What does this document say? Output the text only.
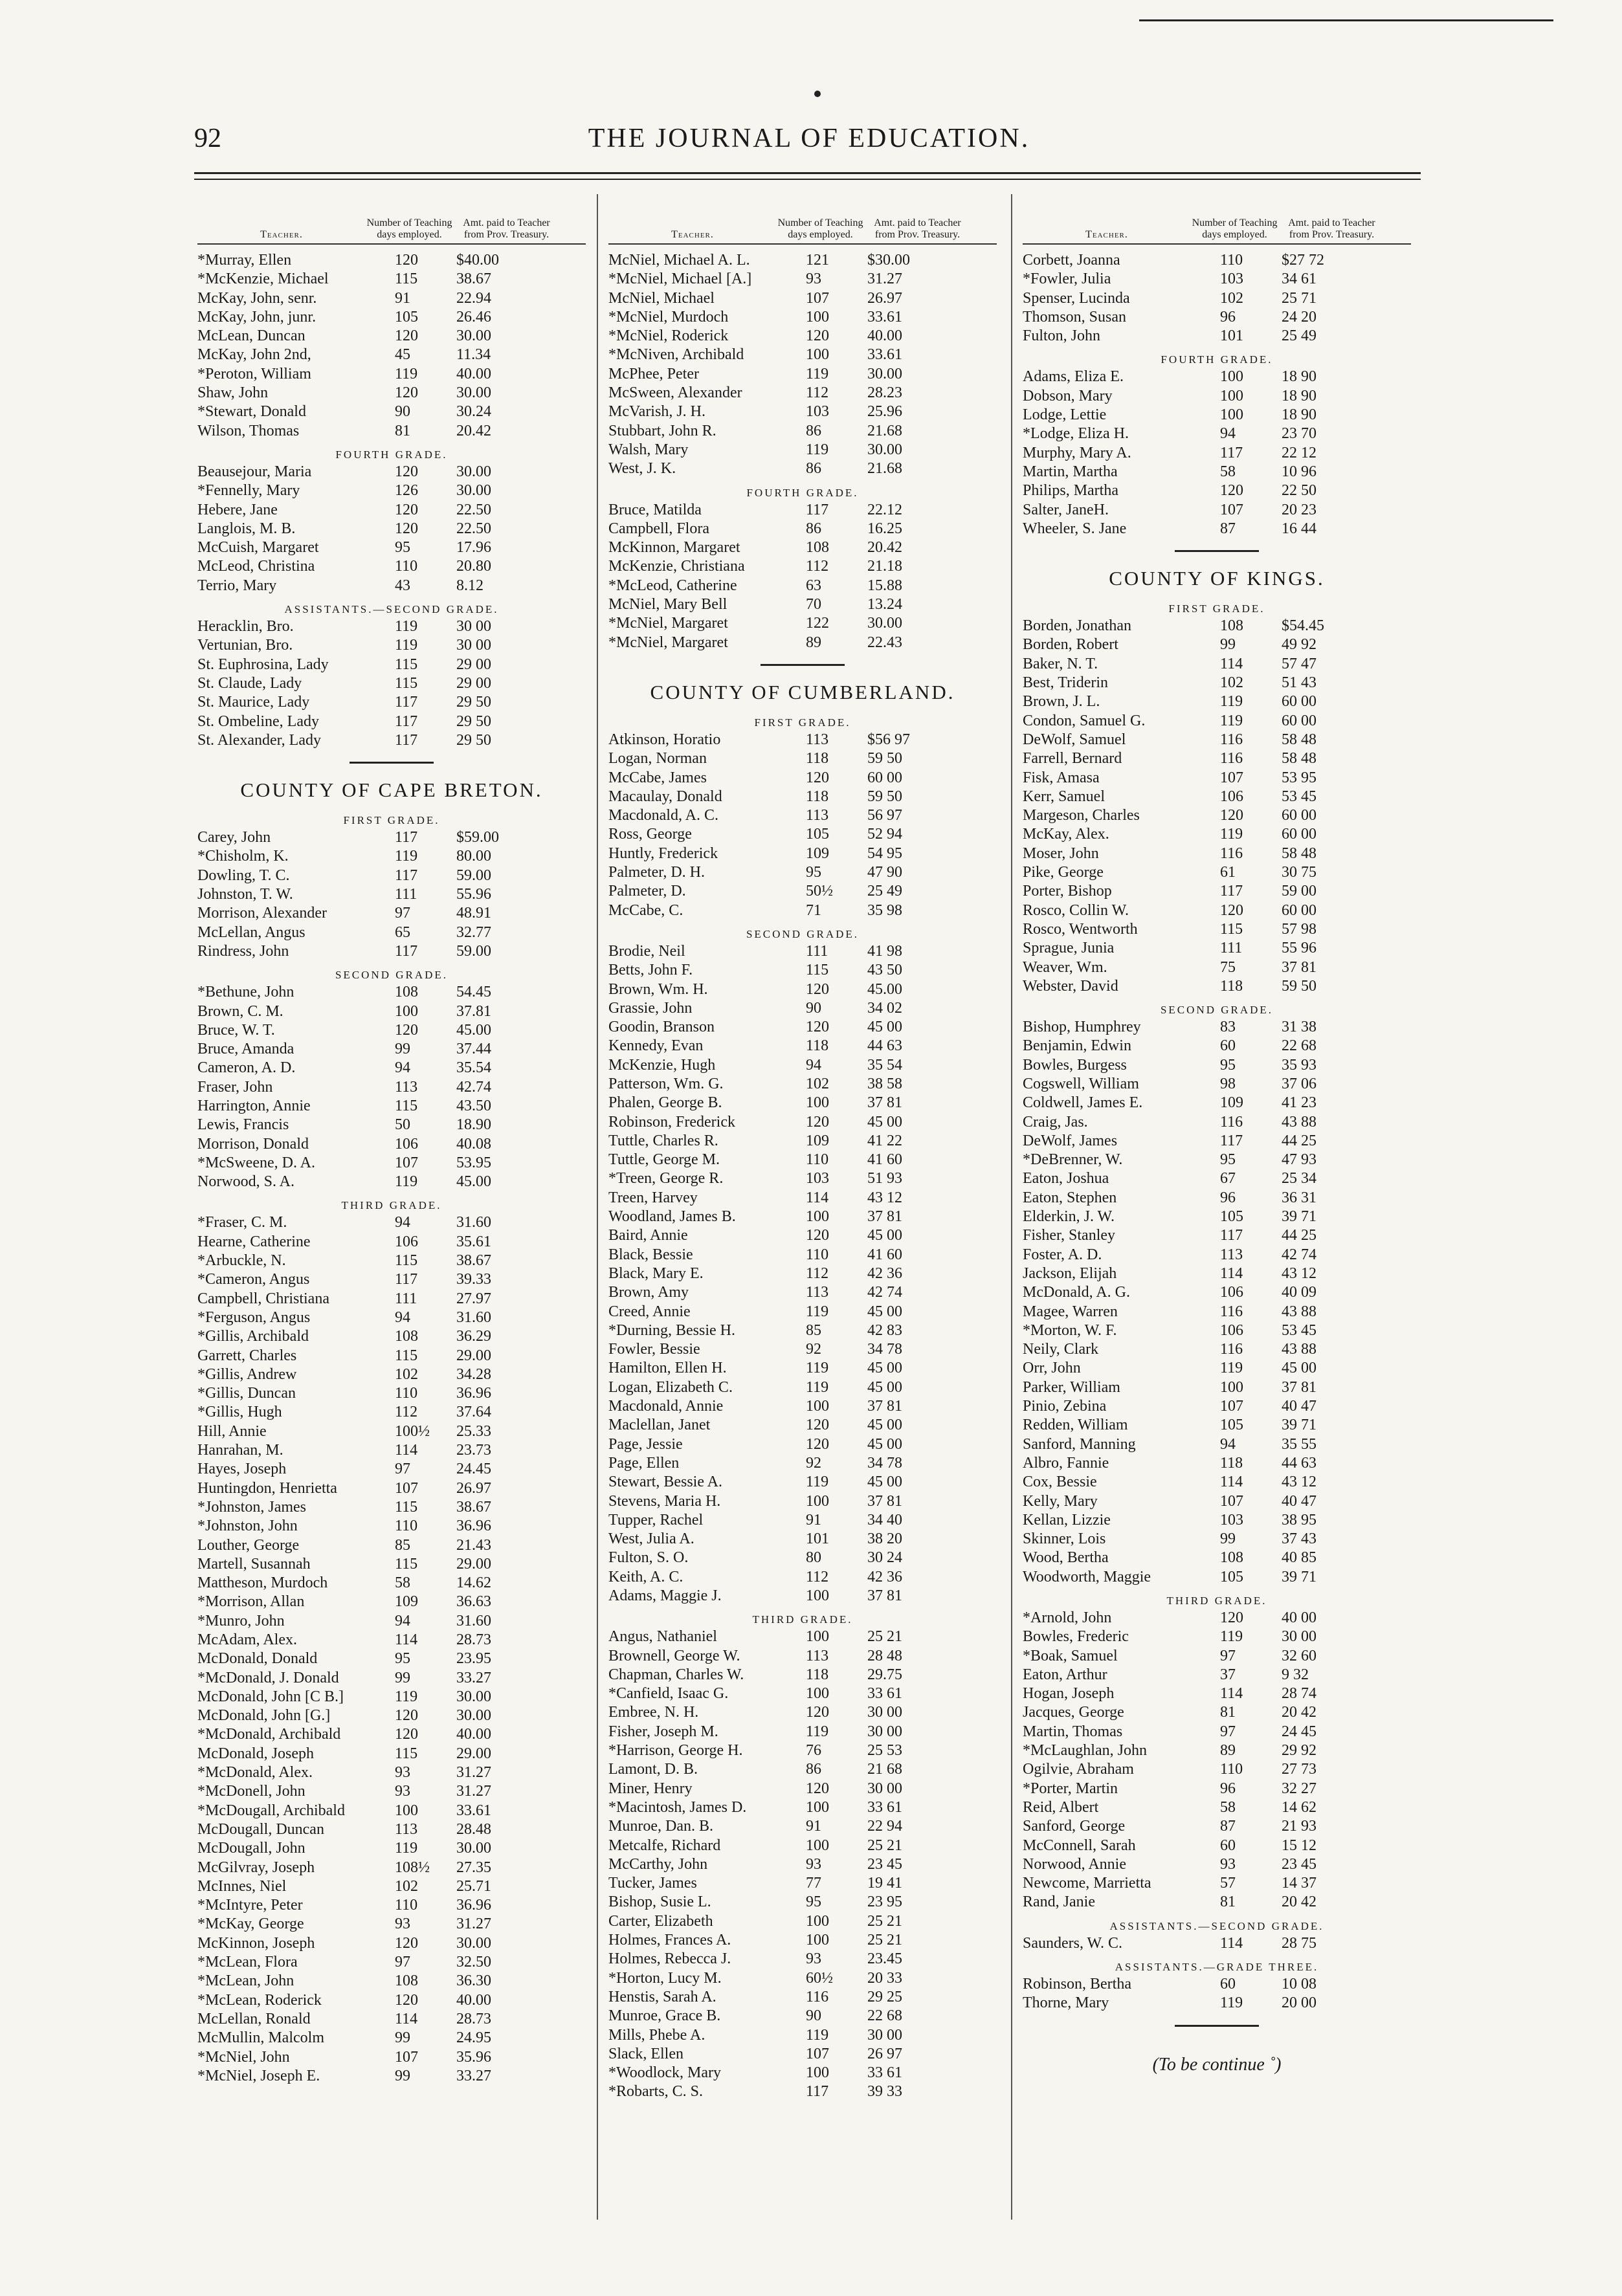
92	THE JOURNAL OF EDUCATION.
Teacher.
Number of Teaching days employed.
Amt. paid to Teacher from Prov. Treasury.
*Murray, Ellen	120	$40.00
*McKenzie, Michael	115	38.67
McKay, John, senr.	91	22.94
McKay, John, junr.	105	26.46
McLean, Duncan	120	30.00
McKay, John 2nd,	45	11.34
*Peroton, William	119	40.00
Shaw, John	120	30.00
*Stewart, Donald	90	30.24
Wilson, Thomas	81	20.42
FOURTH GRADE.
Beausejour, Maria	120	30.00
*Fennelly, Mary	126	30.00
Hebere, Jane	120	22.50
Langlois, M. B.	120	22.50
McCuish, Margaret	95	17.96
McLeod, Christina	110	20.80
Terrio, Mary	43	8.12
ASSISTANTS.—SECOND GRADE.
Heracklin, Bro.	119	30 00
Vertunian, Bro.	119	30 00
St. Euphrosina, Lady	115	29 00
St. Claude, Lady	115	29 00
St. Maurice, Lady	117	29 50
St. Ombeline, Lady	117	29 50
St. Alexander, Lady	117	29 50
COUNTY OF CAPE BRETON.
FIRST GRADE.
Carey, John	117	$59.00
*Chisholm, K.	119	80.00
Dowling, T. C.	117	59.00
Johnston, T. W.	111	55.96
Morrison, Alexander	97	48.91
McLellan, Angus	65	32.77
Rindress, John	117	59.00
SECOND GRADE.
*Bethune, John	108	54.45
Brown, C. M.	100	37.81
Bruce, W. T.	120	45.00
Bruce, Amanda	99	37.44
Cameron, A. D.	94	35.54
Fraser, John	113	42.74
Harrington, Annie	115	43.50
Lewis, Francis	50	18.90
Morrison, Donald	106	40.08
*McSweene, D. A.	107	53.95
Norwood, S. A.	119	45.00
THIRD GRADE.
*Fraser, C. M.	94	31.60
Hearne, Catherine	106	35.61
*Arbuckle, N.	115	38.67
*Cameron, Angus	117	39.33
Campbell, Christiana	111	27.97
*Ferguson, Angus	94	31.60
*Gillis, Archibald	108	36.29
Garrett, Charles	115	29.00
*Gillis, Andrew	102	34.28
*Gillis, Duncan	110	36.96
*Gillis, Hugh	112	37.64
Hill, Annie	100½	25.33
Hanrahan, M.	114	23.73
Hayes, Joseph	97	24.45
Huntingdon, Henrietta	107	26.97
*Johnston, James	115	38.67
*Johnston, John	110	36.96
Louther, George	85	21.43
Martell, Susannah	115	29.00
Mattheson, Murdoch	58	14.62
*Morrison, Allan	109	36.63
*Munro, John	94	31.60
McAdam, Alex.	114	28.73
McDonald, Donald	95	23.95
*McDonald, J. Donald	99	33.27
McDonald, John [C B.]	119	30.00
McDonald, John [G.]	120	30.00
*McDonald, Archibald	120	40.00
McDonald, Joseph	115	29.00
*McDonald, Alex.	93	31.27
*McDonell, John	93	31.27
*McDougall, Archibald	100	33.61
McDougall, Duncan	113	28.48
McDougall, John	119	30.00
McGilvray, Joseph	108½	27.35
McInnes, Niel	102	25.71
*McIntyre, Peter	110	36.96
*McKay, George	93	31.27
McKinnon, Joseph	120	30.00
*McLean, Flora	97	32.50
*McLean, John	108	36.30
*McLean, Roderick	120	40.00
McLellan, Ronald	114	28.73
McMullin, Malcolm	99	24.95
*McNiel, John	107	35.96
*McNiel, Joseph E.	99	33.27
Teacher.
Number of Teaching days employed.
Amt. paid to Teacher from Prov. Treasury.
McNiel, Michael A. L.	121	$30.00
*McNiel, Michael [A.]	93	31.27
McNiel, Michael	107	26.97
*McNiel, Murdoch	100	33.61
*McNiel, Roderick	120	40.00
*McNiven, Archibald	100	33.61
McPhee, Peter	119	30.00
McSween, Alexander	112	28.23
McVarish, J. H.	103	25.96
Stubbart, John R.	86	21.68
Walsh, Mary	119	30.00
West, J. K.	86	21.68
FOURTH GRADE.
Bruce, Matilda	117	22.12
Campbell, Flora	86	16.25
McKinnon, Margaret	108	20.42
McKenzie, Christiana	112	21.18
*McLeod, Catherine	63	15.88
McNiel, Mary Bell	70	13.24
*McNiel, Margaret	122	30.00
*McNiel, Margaret	89	22.43
COUNTY OF CUMBERLAND.
FIRST GRADE.
Atkinson, Horatio	113	$56 97
Logan, Norman	118	59 50
McCabe, James	120	60 00
Macaulay, Donald	118	59 50
Macdonald, A. C.	113	56 97
Ross, George	105	52 94
Huntly, Frederick	109	54 95
Palmeter, D. H.	95	47 90
Palmeter, D.	50½	25 49
McCabe, C.	71	35 98
SECOND GRADE.
Brodie, Neil	111	41 98
Betts, John F.	115	43 50
Brown, Wm. H.	120	45.00
Grassie, John	90	34 02
Goodin, Branson	120	45 00
Kennedy, Evan	118	44 63
McKenzie, Hugh	94	35 54
Patterson, Wm. G.	102	38 58
Phalen, George B.	100	37 81
Robinson, Frederick	120	45 00
Tuttle, Charles R.	109	41 22
Tuttle, George M.	110	41 60
*Treen, George R.	103	51 93
Treen, Harvey	114	43 12
Woodland, James B.	100	37 81
Baird, Annie	120	45 00
Black, Bessie	110	41 60
Black, Mary E.	112	42 36
Brown, Amy	113	42 74
Creed, Annie	119	45 00
*Durning, Bessie H.	85	42 83
Fowler, Bessie	92	34 78
Hamilton, Ellen H.	119	45 00
Logan, Elizabeth C.	119	45 00
Macdonald, Annie	100	37 81
Maclellan, Janet	120	45 00
Page, Jessie	120	45 00
Page, Ellen	92	34 78
Stewart, Bessie A.	119	45 00
Stevens, Maria H.	100	37 81
Tupper, Rachel	91	34 40
West, Julia A.	101	38 20
Fulton, S. O.	80	30 24
Keith, A. C.	112	42 36
Adams, Maggie J.	100	37 81
THIRD GRADE.
Angus, Nathaniel	100	25 21
Brownell, George W.	113	28 48
Chapman, Charles W.	118	29.75
*Canfield, Isaac G.	100	33 61
Embree, N. H.	120	30 00
Fisher, Joseph M.	119	30 00
*Harrison, George H.	76	25 53
Lamont, D. B.	86	21 68
Miner, Henry	120	30 00
*Macintosh, James D.	100	33 61
Munroe, Dan. B.	91	22 94
Metcalfe, Richard	100	25 21
McCarthy, John	93	23 45
Tucker, James	77	19 41
Bishop, Susie L.	95	23 95
Carter, Elizabeth	100	25 21
Holmes, Frances A.	100	25 21
Holmes, Rebecca J.	93	23.45
*Horton, Lucy M.	60½	20 33
Henstis, Sarah A.	116	29 25
Munroe, Grace B.	90	22 68
Mills, Phebe A.	119	30 00
Slack, Ellen	107	26 97
*Woodlock, Mary	100	33 61
*Robarts, C. S.	117	39 33
Teacher.
Number of Teaching days employed.
Amt. paid to Teacher from Prov. Treasury.
Corbett, Joanna	110	$27 72
*Fowler, Julia	103	34 61
Spenser, Lucinda	102	25 71
Thomson, Susan	96	24 20
Fulton, John	101	25 49
FOURTH GRADE.
Adams, Eliza E.	100	18 90
Dobson, Mary	100	18 90
Lodge, Lettie	100	18 90
*Lodge, Eliza H.	94	23 70
Murphy, Mary A.	117	22 12
Martin, Martha	58	10 96
Philips, Martha	120	22 50
Salter, JaneH.	107	20 23
Wheeler, S. Jane	87	16 44
COUNTY OF KINGS.
FIRST GRADE.
Borden, Jonathan	108	$54.45
Borden, Robert	99	49 92
Baker, N. T.	114	57 47
Best, Triderin	102	51 43
Brown, J. L.	119	60 00
Condon, Samuel G.	119	60 00
DeWolf, Samuel	116	58 48
Farrell, Bernard	116	58 48
Fisk, Amasa	107	53 95
Kerr, Samuel	106	53 45
Margeson, Charles	120	60 00
McKay, Alex.	119	60 00
Moser, John	116	58 48
Pike, George	61	30 75
Porter, Bishop	117	59 00
Rosco, Collin W.	120	60 00
Rosco, Wentworth	115	57 98
Sprague, Junia	111	55 96
Weaver, Wm.	75	37 81
Webster, David	118	59 50
SECOND GRADE.
Bishop, Humphrey	83	31 38
Benjamin, Edwin	60	22 68
Bowles, Burgess	95	35 93
Cogswell, William	98	37 06
Coldwell, James E.	109	41 23
Craig, Jas.	116	43 88
DeWolf, James	117	44 25
*DeBrenner, W.	95	47 93
Eaton, Joshua	67	25 34
Eaton, Stephen	96	36 31
Elderkin, J. W.	105	39 71
Fisher, Stanley	117	44 25
Foster, A. D.	113	42 74
Jackson, Elijah	114	43 12
McDonald, A. G.	106	40 09
Magee, Warren	116	43 88
*Morton, W. F.	106	53 45
Neily, Clark	116	43 88
Orr, John	119	45 00
Parker, William	100	37 81
Pinio, Zebina	107	40 47
Redden, William	105	39 71
Sanford, Manning	94	35 55
Albro, Fannie	118	44 63
Cox, Bessie	114	43 12
Kelly, Mary	107	40 47
Kellan, Lizzie	103	38 95
Skinner, Lois	99	37 43
Wood, Bertha	108	40 85
Woodworth, Maggie	105	39 71
THIRD GRADE.
*Arnold, John	120	40 00
Bowles, Frederic	119	30 00
*Boak, Samuel	97	32 60
Eaton, Arthur	37	9 32
Hogan, Joseph	114	28 74
Jacques, George	81	20 42
Martin, Thomas	97	24 45
*McLaughlan, John	89	29 92
Ogilvie, Abraham	110	27 73
*Porter, Martin	96	32 27
Reid, Albert	58	14 62
Sanford, George	87	21 93
McConnell, Sarah	60	15 12
Norwood, Annie	93	23 45
Newcome, Marrietta	57	14 37
Rand, Janie	81	20 42
ASSISTANTS.—SECOND GRADE.
Saunders, W. C.	114	28 75
ASSISTANTS.—GRADE THREE.
Robinson, Bertha	60	10 08
Thorne, Mary	119	20 00
(To be continue ˚)
